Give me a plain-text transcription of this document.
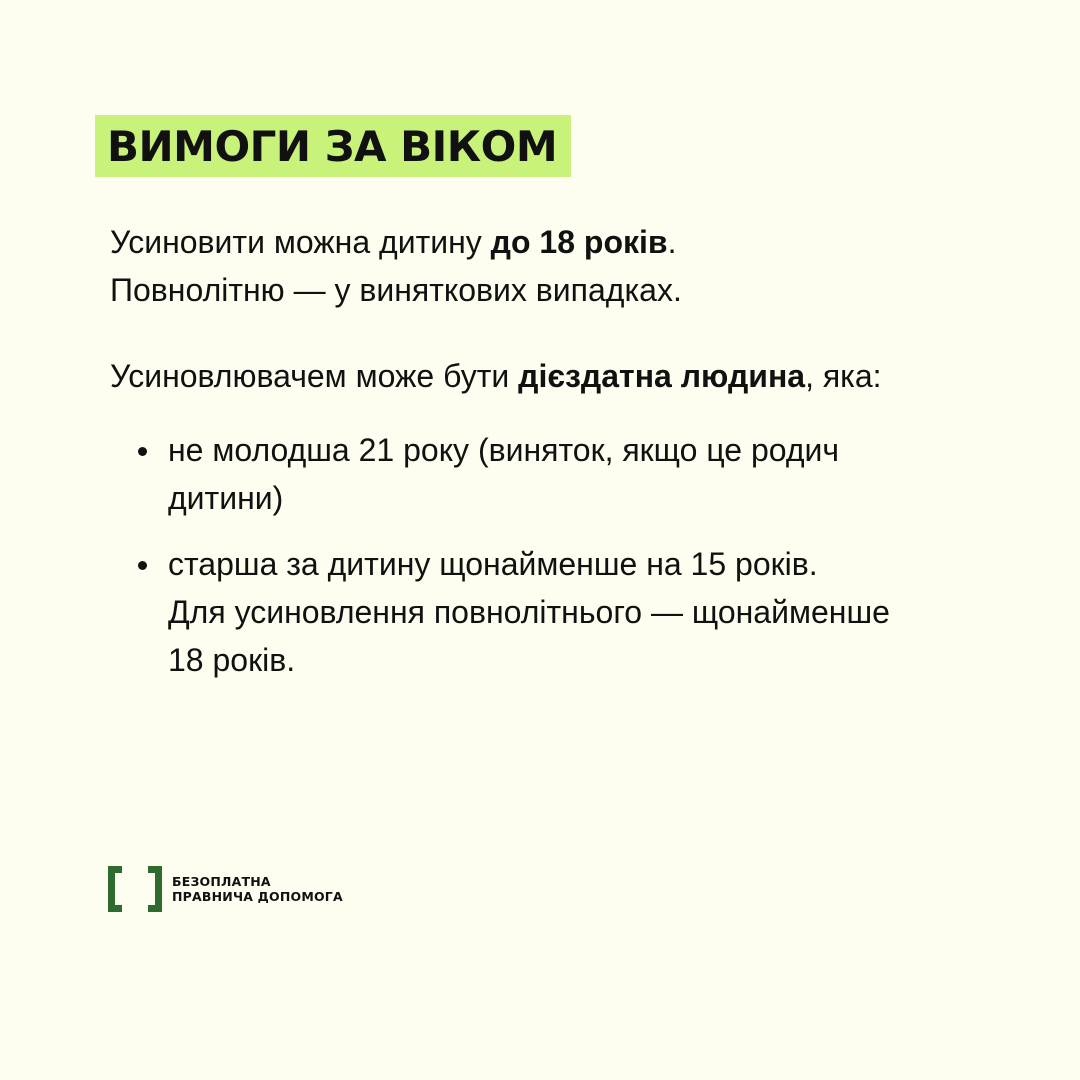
ВИМОГИ ЗА ВІКОМ

Усиновити можна дитину до 18 років.
Повнолітню — у виняткових випадках.

Усиновлювачем може бути дієздатна людина, яка:

не молодша 21 року (виняток, якщо це родич
дитини)
старша за дитину щонайменше на 15 років.
Для усиновлення повнолітнього — щонайменше
18 років.
БЕЗОПЛАТНА
ПРАВНИЧА ДОПОМОГА
